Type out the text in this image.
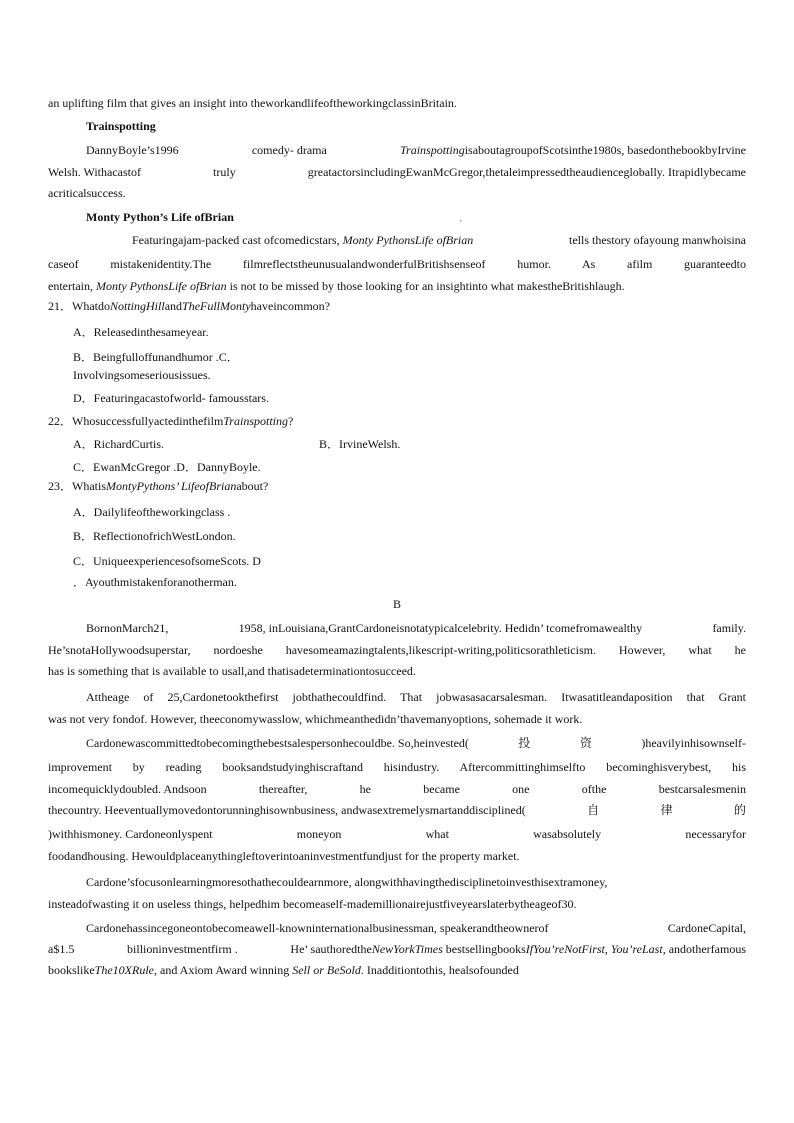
an uplifting film that gives an insight into theworkandlifeoftheworkingclassinBritain.
Trainspotting
DannyBoyle’s1996	comedy- drama	TrainspottingisaboutagroupofScotsinthe1980s, basedonthebookbyIrvine
Welsh. Withacastof	truly	greatactorsincludingEwanMcGregor,thetaleimpressedtheaudienceglobally. Itrapidlybecame
acriticalsuccess.
Monty Python’s Life ofBrian	,
Featuringajam-packed cast ofcomedicstars, Monty PythonsLife ofBrian	tells thestory ofayoung manwhoisina
caseof mistakenidentity.The filmreflectstheunusualandwonderfulBritishsenseof humor. As afilm guaranteedto
entertain, Monty PythonsLife ofBrian is not to be missed by those looking for an insightinto what makestheBritishlaugh.
21．WhatdoNottingHillandTheFullMontyhaveincommon?
A．Releasedinthesameyear.
B．Beingfulloffunandhumor .C．
Involvingsomeseriousissues.
D．Featuringacastofworld- famousstars.
22．WhosuccessfullyactedinthefilmTrainspotting?
A．RichardCurtis.	B．IrvineWelsh.
C．EwanMcGregor .D．DannyBoyle.
23．WhatisMontyPythons’ LifeofBrianabout?
A．Dailylifeoftheworkingclass .
B．ReflectionofrichWestLondon.
C．UniqueexperiencesofsomeScots. D
．Ayouthmistakenforanotherman.
B
BornonMarch21,	1958, inLouisiana,GrantCardoneisnotatypicalcelebrity. Hedidn’ tcomefromawealthy	family.
He’snotaHollywoodsuperstar, nordoeshe havesomeamazingtalents,likescript-writing,politicsorathleticism. However, what he
has is something that is available to usall,and thatisadeterminationtosucceed.
Attheage of 25,Cardonetookthefirst jobthathecouldfind. That jobwasasacarsalesman. Itwasatitleandaposition that Grant
was not very fondof. However, theeconomywasslow, whichmeanthedidn’thavemanyoptions, sohemade it work.
Cardonewascommittedtobecomingthebestsalespersonhecouldbe. So,heinvested(	投	资	)heavilyinhisownself-
improvement by reading booksandstudyinghiscraftand hisindustry. Aftercommittinghimselfto becominghisverybest, his
incomequicklydoubled. Andsoon	thereafter,	he	became	one	ofthe	bestcarsalesmenin
thecountry. Heeventuallymovedontorunninghisownbusiness, andwasextremelysmartanddisciplined(	自	律	的
)withhismoney. Cardoneonlyspent	moneyon	what	wasabsolutely	necessaryfor
foodandhousing. Hewouldplaceanythingleftoverintoaninvestmentfundjust for the property market.
Cardone’sfocusonlearningmoresothathecouldearnmore, alongwithhavingthedisciplinetoinvesthisextramoney,
insteadofwasting it on useless things, helpedhim becomeaself-mademillionairejustfiveyearslaterbytheageof30.
Cardonehassincegoneontobecomeawell-knowninternationalbusinessman, speakerandtheownerof	CardoneCapital,
a$1.5	billioninvestmentfirm .	He’ sauthoredtheNewYorkTimes bestsellingbooksIfYou’reNotFirst, You’reLast, andotherfamous
bookslikeThe10XRule, and Axiom Award winning Sell or BeSold. Inadditiontothis, healsofounded
